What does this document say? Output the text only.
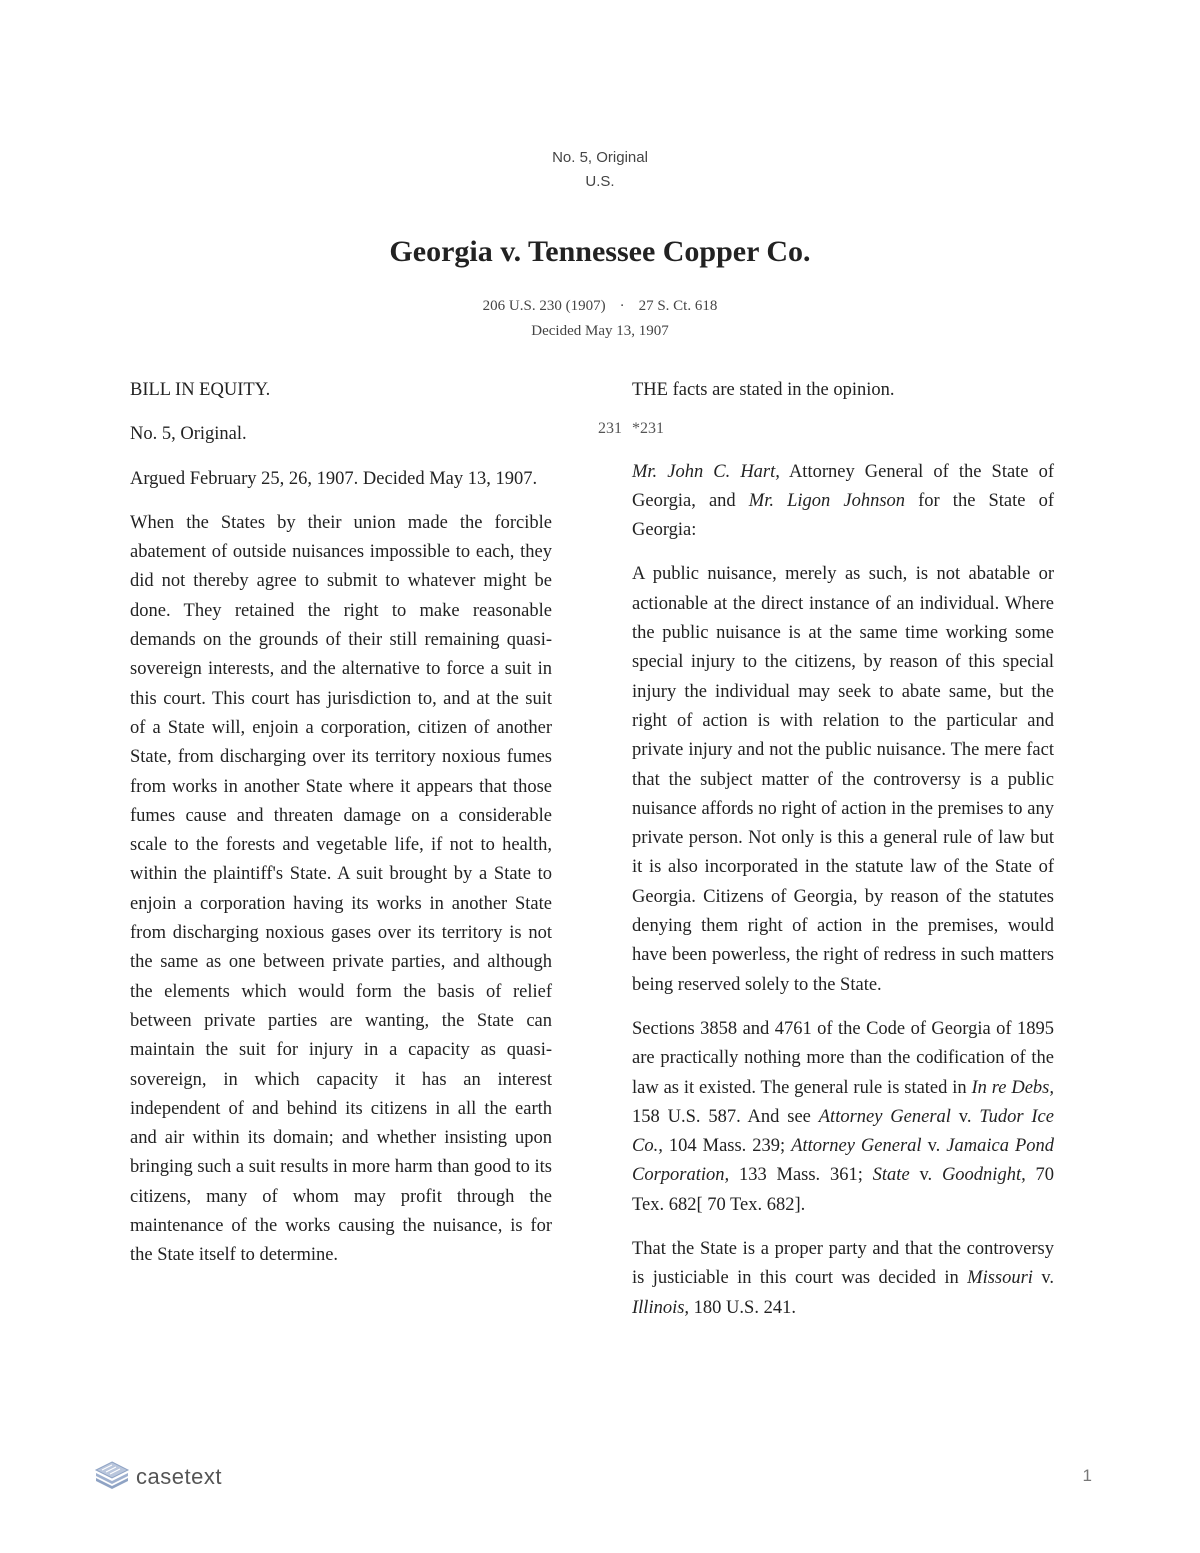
No. 5, Original
U.S.
Georgia v. Tennessee Copper Co.
206 U.S. 230 (1907) · 27 S. Ct. 618
Decided May 13, 1907

BILL IN EQUITY.

No. 5, Original.

Argued February 25, 26, 1907. Decided May 13, 1907.

When the States by their union made the forcible abatement of outside nuisances impossible to each, they did not thereby agree to submit to whatever might be done. They retained the right to make reasonable demands on the grounds of their still remaining quasi-sovereign interests, and the alternative to force a suit in this court. This court has jurisdiction to, and at the suit of a State will, enjoin a corporation, citizen of another State, from discharging over its territory noxious fumes from works in another State where it appears that those fumes cause and threaten damage on a considerable scale to the forests and vegetable life, if not to health, within the plaintiff's State. A suit brought by a State to enjoin a corporation having its works in another State from discharging noxious gases over its territory is not the same as one between private parties, and although the elements which would form the basis of relief between private parties are wanting, the State can maintain the suit for injury in a capacity as quasi-sovereign, in which capacity it has an interest independent of and behind its citizens in all the earth and air within its domain; and whether insisting upon bringing such a suit results in more harm than good to its citizens, many of whom may profit through the maintenance of the works causing the nuisance, is for the State itself to determine.

THE facts are stated in the opinion.

231 *231

Mr. John C. Hart, Attorney General of the State of Georgia, and Mr. Ligon Johnson for the State of Georgia:

A public nuisance, merely as such, is not abatable or actionable at the direct instance of an individual. Where the public nuisance is at the same time working some special injury to the citizens, by reason of this special injury the individual may seek to abate same, but the right of action is with relation to the particular and private injury and not the public nuisance. The mere fact that the subject matter of the controversy is a public nuisance affords no right of action in the premises to any private person. Not only is this a general rule of law but it is also incorporated in the statute law of the State of Georgia. Citizens of Georgia, by reason of the statutes denying them right of action in the premises, would have been powerless, the right of redress in such matters being reserved solely to the State.

Sections 3858 and 4761 of the Code of Georgia of 1895 are practically nothing more than the codification of the law as it existed. The general rule is stated in In re Debs, 158 U.S. 587. And see Attorney General v. Tudor Ice Co., 104 Mass. 239; Attorney General v. Jamaica Pond Corporation, 133 Mass. 361; State v. Goodnight, 70 Tex. 682[ 70 Tex. 682].

That the State is a proper party and that the controversy is justiciable in this court was decided in Missouri v. Illinois, 180 U.S. 241.

casetext	1
